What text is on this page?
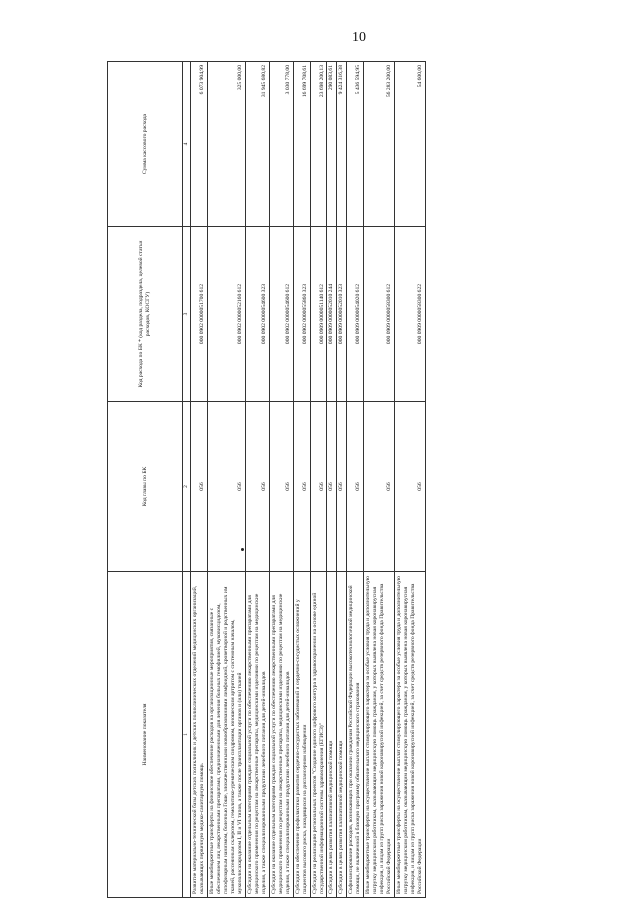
10
Наименование показателя	Код главы по БК	Код расхода по БК * (код раздела, подраздела, целевой статьи расходов, КОСГУ)	Сумма кассового расхода
1	2	3	4
Развитие материально-технической базы детских поликлиник и детских поликлинических отделений медицинских организаций, оказывающих первичную медико-санитарную помощь	056	000 0902 0000051700 612	6 073 904,99
Иные межбюджетные трансферты на финансовое обеспечение расходов на организационные мероприятия, связанные с обеспечением лиц лекарственными препаратами, предназначенными для лечения больных гемофилией, муковисцидозом, гипофизарным нанизмом, болезнью Гоше, злокачественными новообразованиями лимфоидной, кроветворной и родственных им тканей, рассеянным склерозом, гемолитико-уремическим синдромом, юношеским артритом с системным началом, мукополисахаридозом I, II и VI типов, а также после трансплантации органов и (или) тканей	056	000 0902 0000052160 612	325 000,00
Субсидии на оказание отдельным категориям граждан социальной услуги по обеспечению лекарственными препаратами для медицинского применения по рецептам на лекарственные препараты, медицинскими изделиями по рецептам на медицинские изделия, а также специализированными продуктами лечебного питания для детей-инвалидов	056	000 0902 0000054600 323	31 945 680,82
Субсидии на оказание отдельным категориям граждан социальной услуги по обеспечению лекарственными препаратами для медицинского применения по рецептам на лекарственные препараты, медицинскими изделиями по рецептам на медицинские изделия, а также специализированными продуктами лечебного питания для детей-инвалидов	056	000 0902 0000054600 612	3 030 778,00
Субсидии на обеспечение профилактики развития сердечно-сосудистых заболеваний и сердечно-сосудистых осложнений у пациентов высокого риска, находящихся на диспансерном наблюдении	056	000 0902 0000055860 323	16 699 708,61
Субсидии на реализацию региональных проектов "Создание единого цифрового контура в здравоохранении на основе единой государственной информационной системы здравоохранения (ЕГИСЗ)"	056	000 0909 0000051140 612	23 698 200,13
Субсидии в целях развития паллиативной медицинской помощи	056	000 0909 0000052010 244	290 083,61
Субсидии в целях развития паллиативной медицинской помощи	056	000 0909 0000052010 323	9 424 316,38
Софинансирование расходов, возникающих при оказании гражданам Российской Федерации высокотехнологичной медицинской помощи, не включенной в базовую программу обязательного медицинского страхования	056	000 0909 0000054020 612	5 436 594,95
Иные межбюджетные трансферты на осуществление выплат стимулирующего характера за особые условия труда и дополнительную нагрузку медицинским работникам, оказывающим медицинскую помощь гражданам, у которых выявлена новая коронавирусная инфекция, и лицам из групп риска заражения новой коронавирусной инфекцией, за счет средств резервного фонда Правительства Российской Федерации	056	000 0909 0000058300 612	56 283 200,00
Иные межбюджетные трансферты на осуществление выплат стимулирующего характера за особые условия труда и дополнительную нагрузку медицинским работникам, оказывающим медицинскую помощь гражданам, у которых выявлена новая коронавирусная инфекция, и лицам из групп риска заражения новой коронавирусной инфекцией, за счет средств резервного фонда Правительства Российской Федерации	056	000 0909 0000058300 622	54 600,00
